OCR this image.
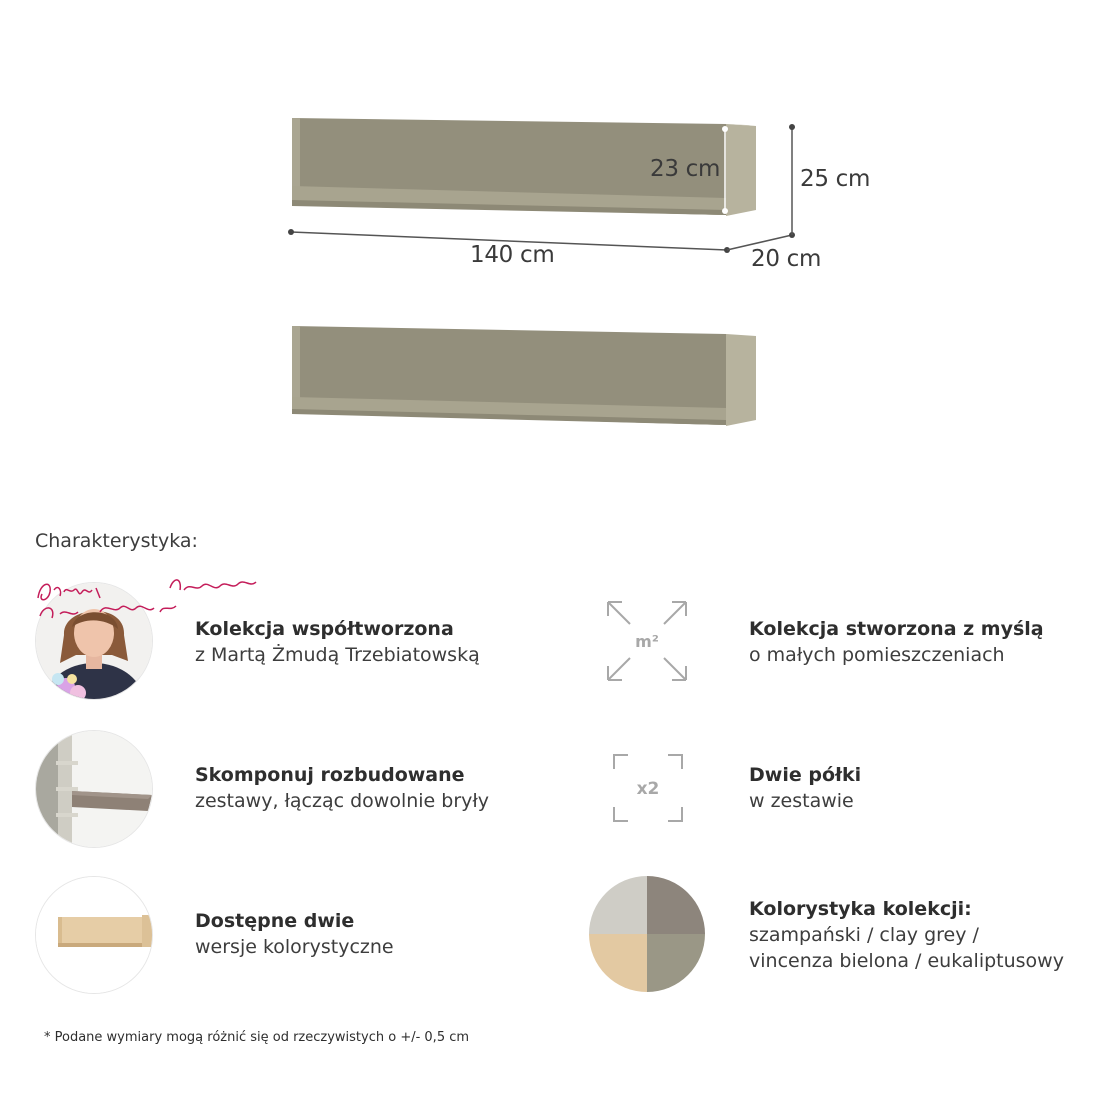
23 cm	25 cm
140 cm	20 cm
Charakterystyka:
Kolekcja współtworzona
z Martą Żmudą Trzebiatowską
m²
Kolekcja stworzona z myślą
o małych pomieszczeniach
Skomponuj rozbudowane
zestawy, łącząc dowolnie bryły
x2
Dwie półki
w zestawie
Dostępne dwie
wersje kolorystyczne
Kolorystyka kolekcji:
szampański / clay grey /
vincenza bielona / eukaliptusowy
* Podane wymiary mogą różnić się od rzeczywistych o +/- 0,5 cm
